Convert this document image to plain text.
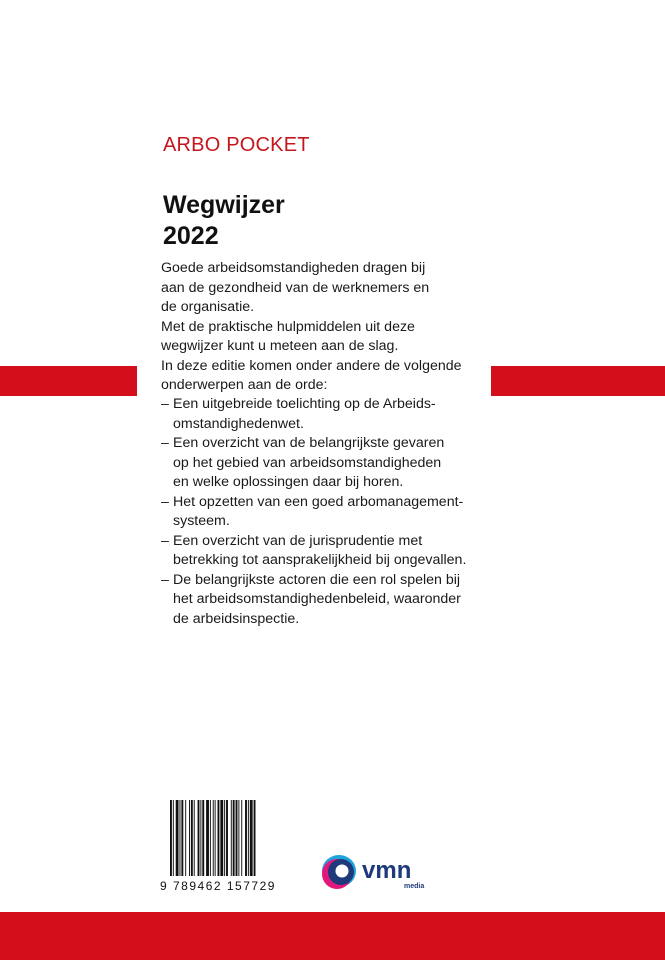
ARBO POCKET
Wegwijzer
2022
Goede arbeidsomstandigheden dragen bij
aan de gezondheid van de werknemers en
de organisatie.
Met de praktische hulpmiddelen uit deze
wegwijzer kunt u meteen aan de slag.
In deze editie komen onder andere de volgende
onderwerpen aan de orde:
– Een uitgebreide toelichting op de Arbeids-
omstandighedenwet.
– Een overzicht van de belangrijkste gevaren
op het gebied van arbeidsomstandigheden
en welke oplossingen daar bij horen.
– Het opzetten van een goed arbomanagement-
systeem.
– Een overzicht van de jurisprudentie met
betrekking tot aansprakelijkheid bij ongevallen.
– De belangrijkste actoren die een rol spelen bij
het arbeidsomstandighedenbeleid, waaronder
de arbeidsinspectie.
9 789462 157729
vmn
media
